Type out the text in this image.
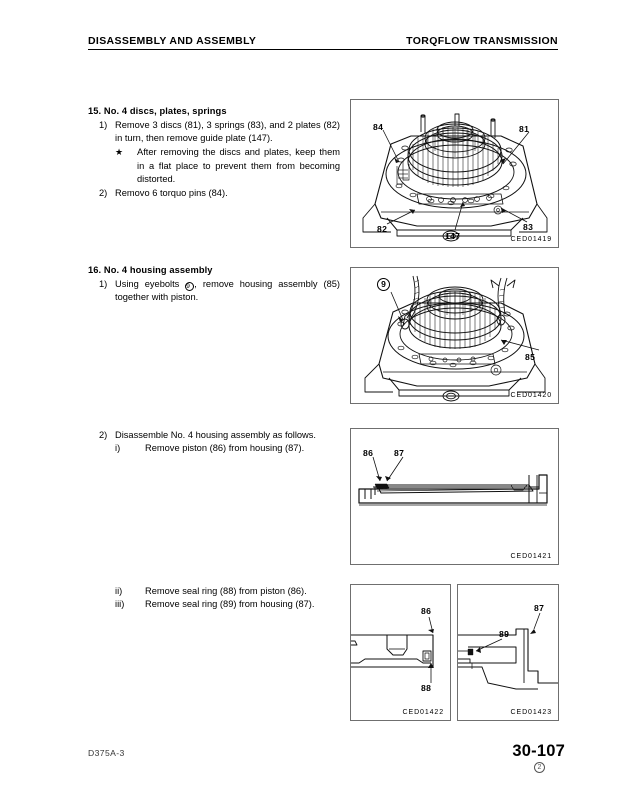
DISASSEMBLY AND ASSEMBLY	TORQFLOW TRANSMISSION
15. No. 4 discs, plates, springs
1) Remove 3 discs (81), 3 springs (83), and 2 plates (82) in turn, then remove guide plate (147).
★ After removing the discs and plates, keep them in a flat place to prevent them from becoming distorted.
2) Removo 6 torquo pins (84).
16. No. 4 housing assembly
1) Using eyebolts 9 , remove housing assembly (85) together with piston.
2) Disassemble No. 4 housing assembly as follows.
i)	Remove piston (86) from housing (87).
ii)	Remove seal ring (88) from piston (86).
iii)	Remove seal ring (89) from housing (87).
84	81
82	83
147	CED01419
9
85
CED01420
86 87
CED01421
86
88
CED01422
87
89
CED01423
D375A-3	30-107
2
